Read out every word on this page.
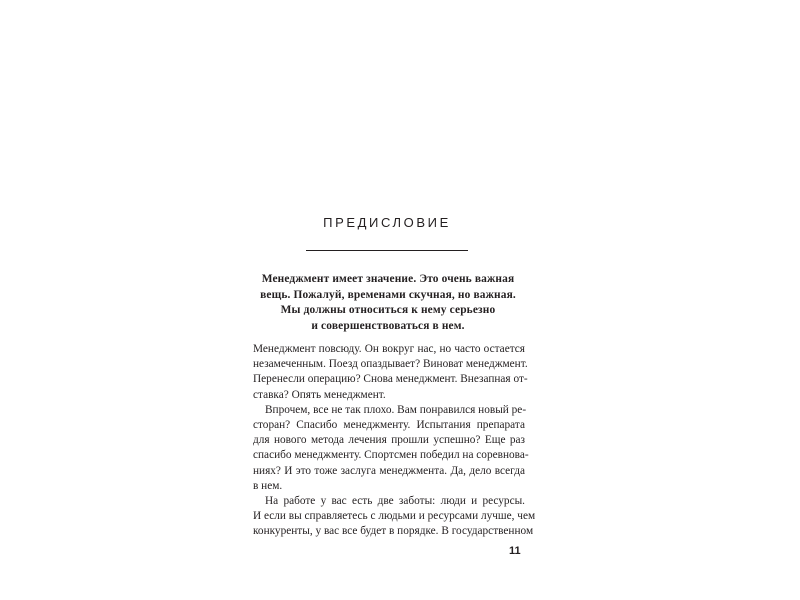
ПРЕДИСЛОВИЕ
Менеджмент имеет значение. Это очень важная
вещь. Пожалуй, временами скучная, но важная.
Мы должны относиться к нему серьезно
и совершенствоваться в нем.
Менеджмент повсюду. Он вокруг нас, но часто остается
незамеченным. Поезд опаздывает? Виноват менеджмент.
Перенесли операцию? Снова менеджмент. Внезапная от-
ставка? Опять менеджмент.
Впрочем, все не так плохо. Вам понравился новый ре-
сторан? Спасибо менеджменту. Испытания препарата
для нового метода лечения прошли успешно? Еще раз
спасибо менеджменту. Спортсмен победил на соревнова-
ниях? И это тоже заслуга менеджмента. Да, дело всегда
в нем.
На работе у вас есть две заботы: люди и ресурсы.
И если вы справляетесь с людьми и ресурсами лучше, чем
конкуренты, у вас все будет в порядке. В государственном
11
